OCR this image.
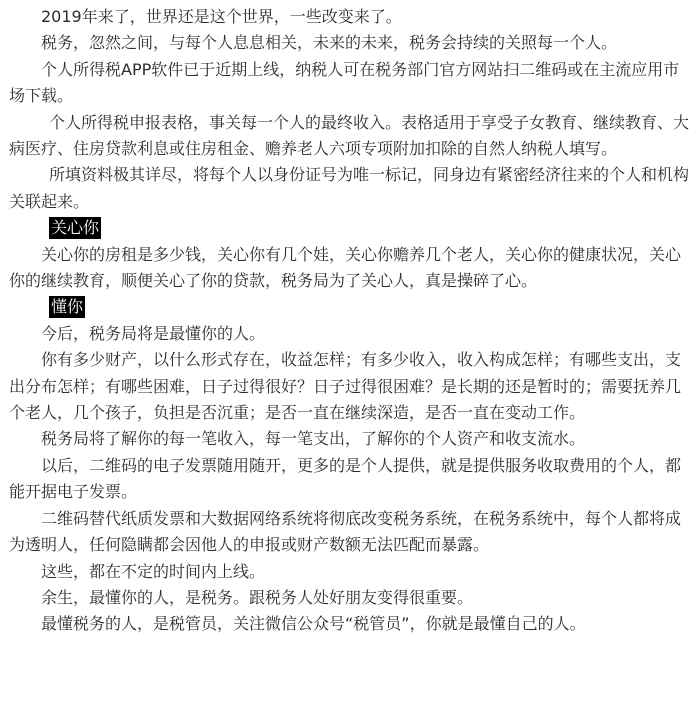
2019年来了，世界还是这个世界，一些改变来了。

税务，忽然之间，与每个人息息相关，未来的未来，税务会持续的关照每一个人。

个人所得税APP软件已于近期上线，纳税人可在税务部门官方网站扫二维码或在主流应用市场下载。

个人所得税申报表格，事关每一个人的最终收入。表格适用于享受子女教育、继续教育、大病医疗、住房贷款利息或住房租金、赡养老人六项专项附加扣除的自然人纳税人填写。

所填资料极其详尽，将每个人以身份证号为唯一标记，同身边有紧密经济往来的个人和机构关联起来。

关心你

关心你的房租是多少钱，关心你有几个娃，关心你赡养几个老人，关心你的健康状况，关心你的继续教育，顺便关心了你的贷款，税务局为了关心人，真是操碎了心。

懂你

今后，税务局将是最懂你的人。

你有多少财产，以什么形式存在，收益怎样；有多少收入，收入构成怎样；有哪些支出，支出分布怎样；有哪些困难，日子过得很好？日子过得很困难？是长期的还是暂时的；需要抚养几个老人，几个孩子，负担是否沉重；是否一直在继续深造，是否一直在变动工作。

税务局将了解你的每一笔收入，每一笔支出，了解你的个人资产和收支流水。

以后，二维码的电子发票随用随开，更多的是个人提供，就是提供服务收取费用的个人，都能开据电子发票。

二维码替代纸质发票和大数据网络系统将彻底改变税务系统，在税务系统中，每个人都将成为透明人，任何隐瞒都会因他人的申报或财产数额无法匹配而暴露。

这些，都在不定的时间内上线。

余生，最懂你的人，是税务。跟税务人处好朋友变得很重要。

最懂税务的人，是税管员，关注微信公众号“税管员”，你就是最懂自己的人。
